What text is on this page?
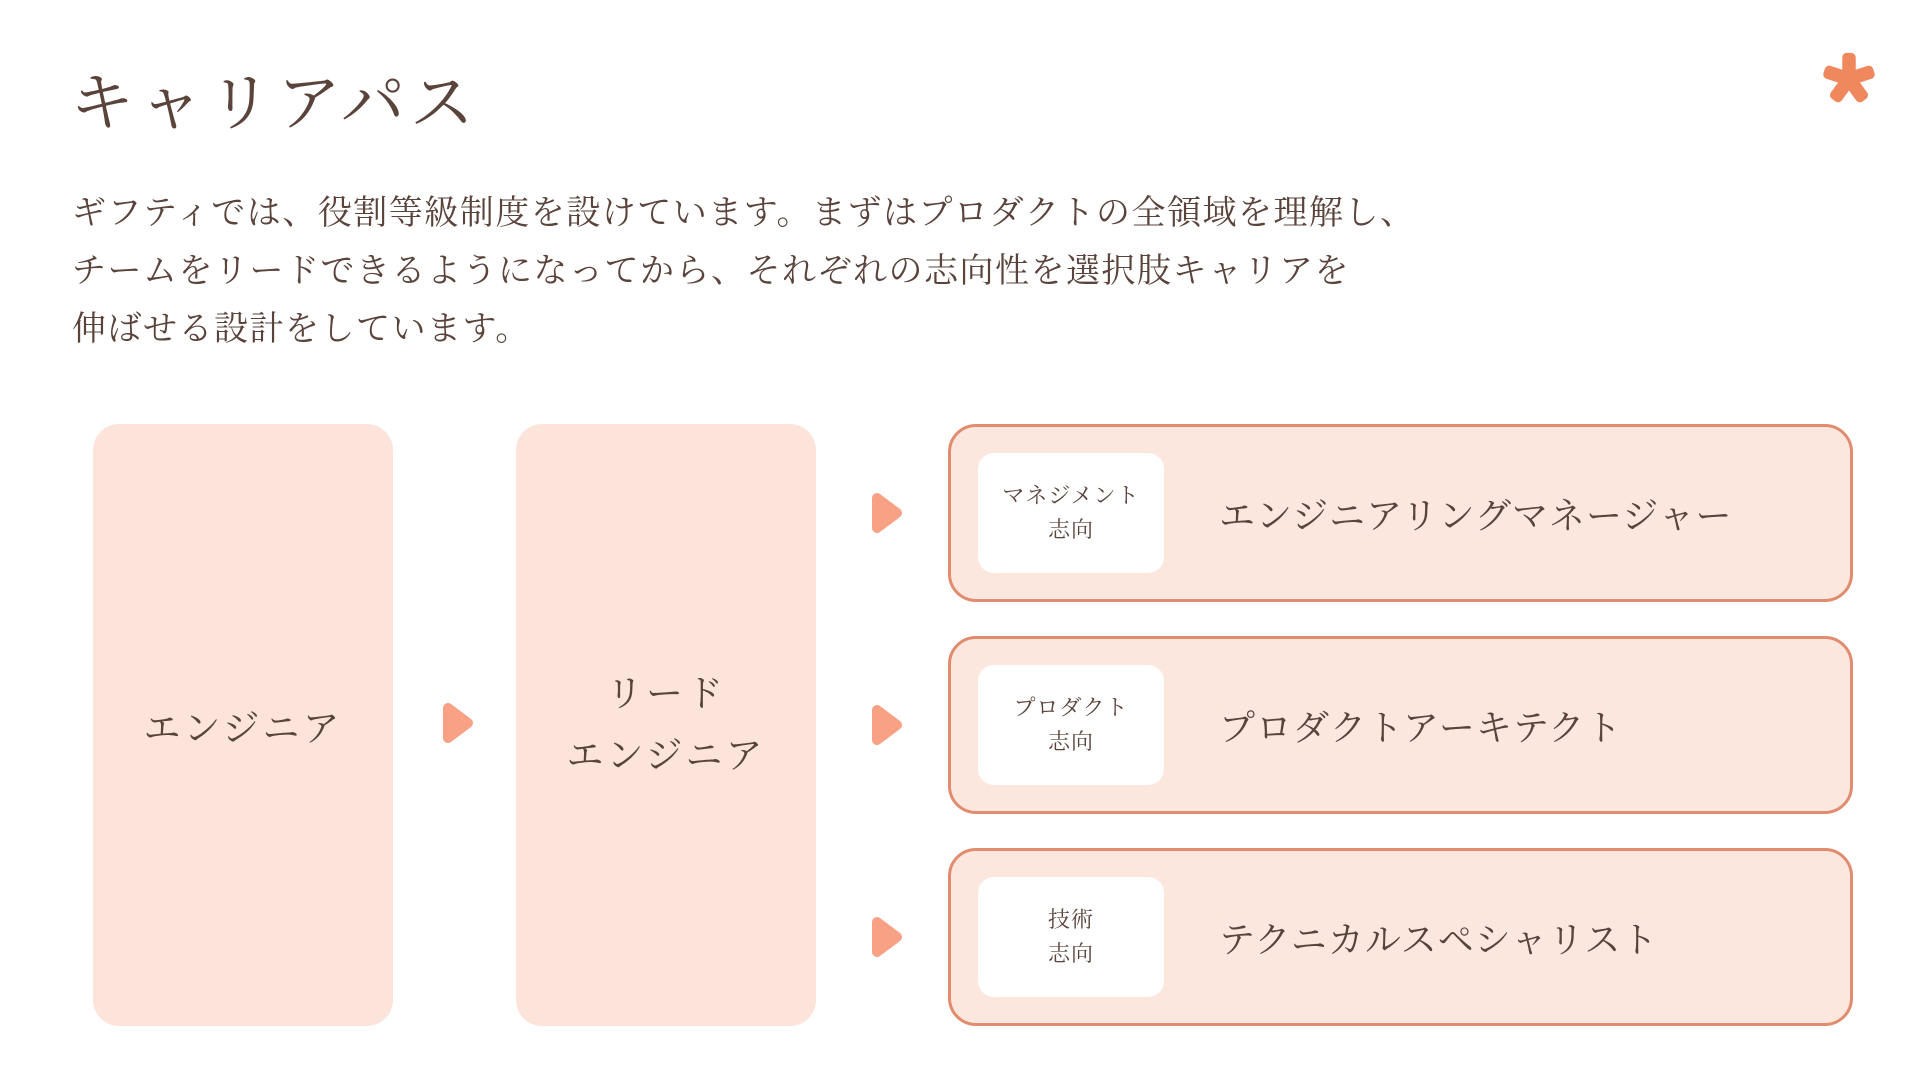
キャリアパス
ギフティでは、役割等級制度を設けています。まずはプロダクトの全領域を理解し、
チームをリードできるようになってから、それぞれの志向性を選択肢キャリアを
伸ばせる設計をしています。
エンジニア
リード
エンジニア
マネジメント
志向	エンジニアリングマネージャー
プロダクト
志向	プロダクトアーキテクト
技術
志向	テクニカルスペシャリスト
